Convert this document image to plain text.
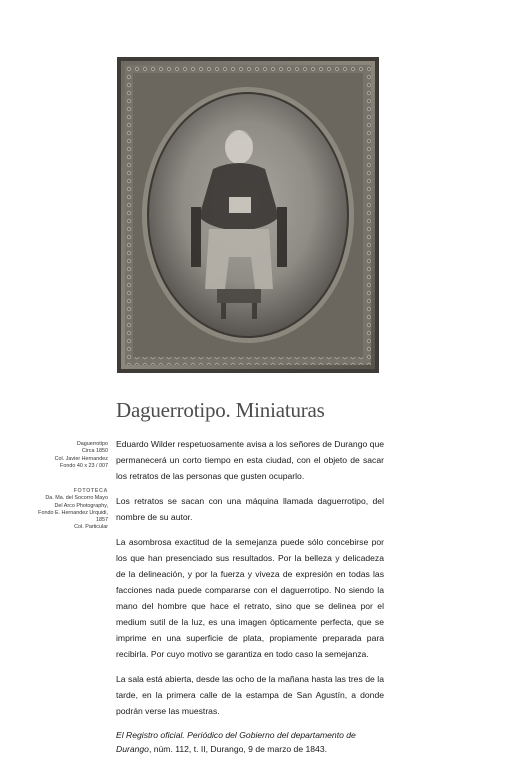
Daguerrotipo. Miniaturas
Daguerrotipo
Circa 1850
Col. Javier Hernandez
Fondo 40 x 23 / 007
FOTOTECA
Da. Ma. del Socorro Mayo
Del Arco Photography,
Fondo E. Hernandez Urquidi,
1857
Col. Particular

Eduardo Wilder respetuosamente avisa a los señores de Durango que permanecerá un corto tiempo en esta ciudad, con el objeto de sacar los retratos de las personas que gusten ocuparlo.

Los retratos se sacan con una máquina llamada daguerrotipo, del nombre de su autor.

La asombrosa exactitud de la semejanza puede sólo concebirse por los que han presenciado sus resultados. Por la belleza y delicadeza de la delineación, y por la fuerza y viveza de expresión en todas las facciones nada puede compararse con el daguerrotipo. No siendo la mano del hombre que hace el retrato, sino que se delinea por el medium sutil de la luz, es una imagen ópticamente perfecta, que se imprime en una superficie de plata, propiamente preparada para recibirla. Por cuyo motivo se garantiza en todo caso la semejanza.

La sala está abierta, desde las ocho de la mañana hasta las tres de la tarde, en la primera calle de la estampa de San Agustín, a donde podrán verse las muestras.

El Registro oficial. Periódico del Gobierno del departamento de Durango, núm. 112, t. II, Durango, 9 de marzo de 1843.
